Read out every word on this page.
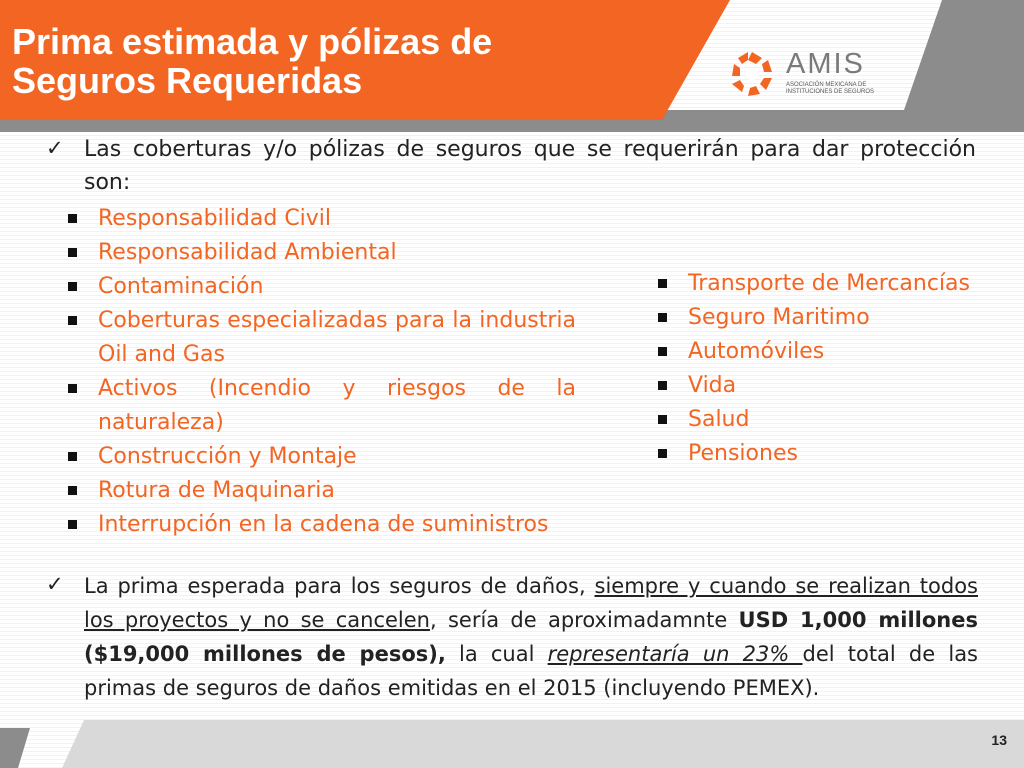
Prima estimada y pólizas de
Seguros Requeridas	AMIS
ASOCIACIÓN MEXICANA DE INSTITUCIONES DE SEGUROS
✓ Las coberturas y/o pólizas de seguros que se requerirán para dar protección son:

Responsabilidad Civil
Responsabilidad Ambiental
Contaminación
Coberturas especializadas para la industria Oil and Gas
Activos (Incendio y riesgos de la naturaleza)
Construcción y Montaje
Rotura de Maquinaria
Interrupción en la cadena de suministros
Transporte de Mercancías
Seguro Maritimo
Automóviles
Vida
Salud
Pensiones
✓ La prima esperada para los seguros de daños, siempre y cuando se realizan todos los proyectos y no se cancelen, sería de aproximadamnte USD 1,000 millones ($19,000 millones de pesos), la cual representaría un 23% del total de las primas de seguros de daños emitidas en el 2015 (incluyendo PEMEX).

13
